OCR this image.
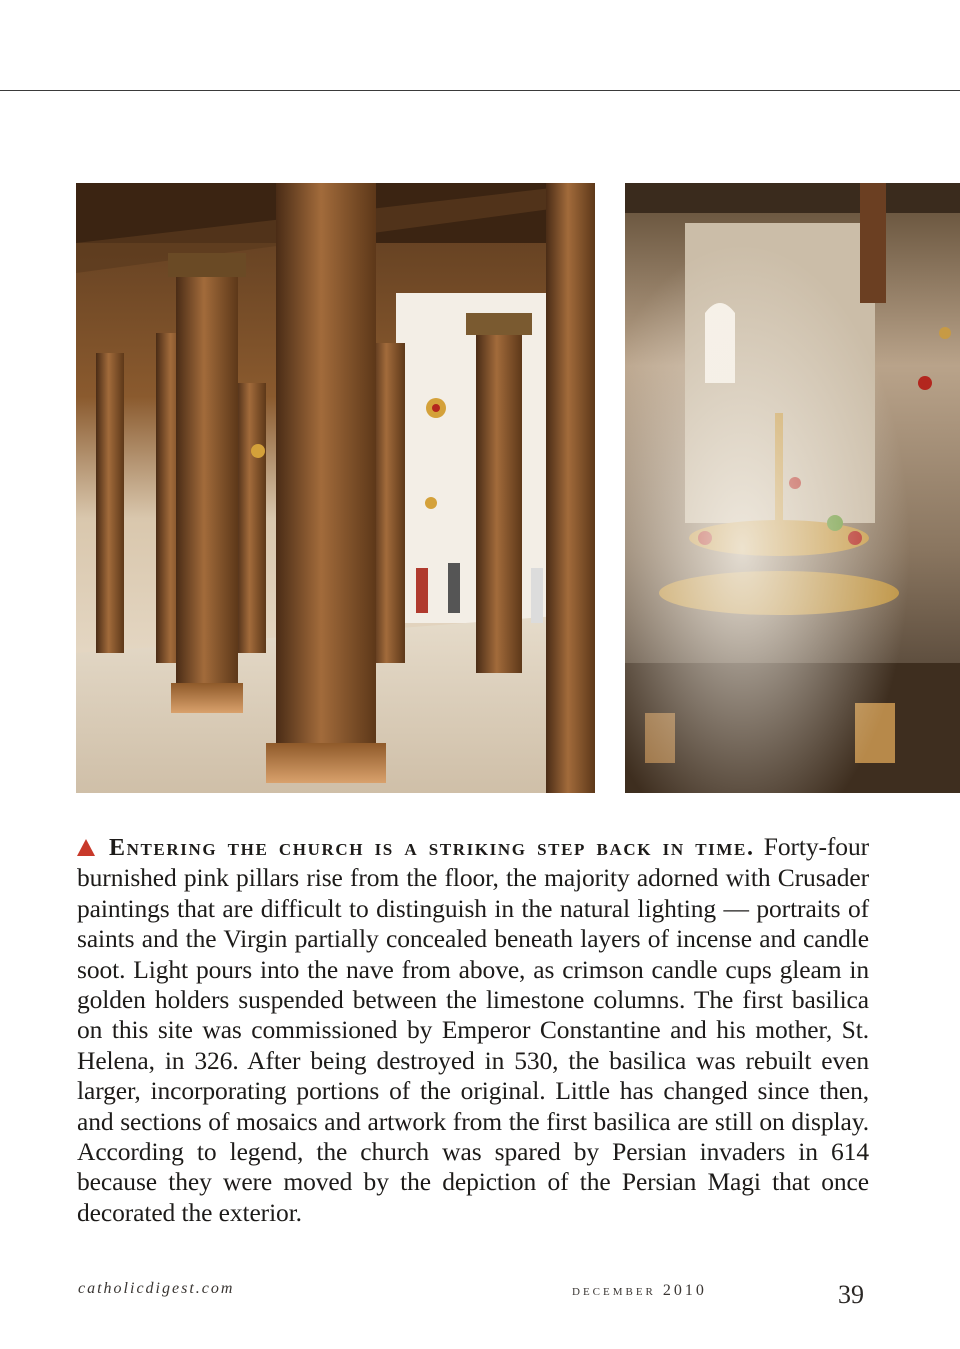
Entering the church is a striking step back in time. Forty-four burnished pink pillars rise from the floor, the majority adorned with Crusader paintings that are difficult to distinguish in the natural lighting — portraits of saints and the Virgin partially concealed beneath layers of incense and candle soot. Light pours into the nave from above, as crimson candle cups gleam in golden holders suspended between the limestone columns. The first basilica on this site was commissioned by Emperor Constantine and his mother, St. Helena, in 326. After being destroyed in 530, the basilica was rebuilt even larger, incorporating portions of the original. Little has changed since then, and sections of mosaics and artwork from the first basilica are still on display. According to legend, the church was spared by Persian invaders in 614 because they were moved by the depiction of the Persian Magi that once decorated the exterior.
catholicdigest.com	december 2010	39
